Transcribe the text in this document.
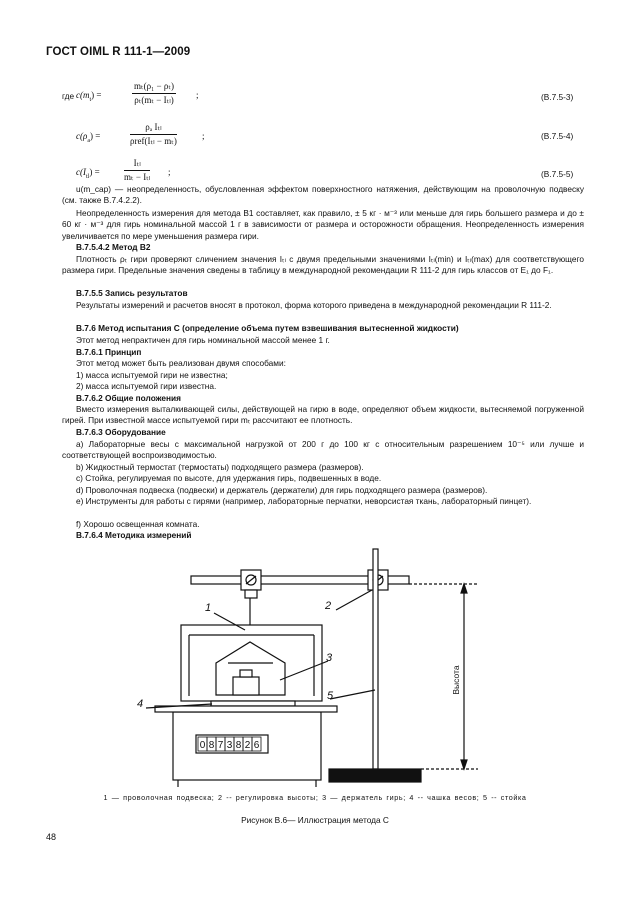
ГОСТ OIML R 111-1—2009
где $c(m_t)$ =
mₜ(ρ₁ − ρₜ)
ρₜ(mₜ − Iₜₗ) ;	(B.7.5-3)
$c(\rho_a)$ =
ρₐ Iₜₗ
ρref(Iₜₗ − mₜ)	;	(B.7.5-4)
$c(I_{tl})$ =
Iₜₗ
mₜ − Iₜₗ ;	(B.7.5-5)
u(m_cap) — неопределенность, обусловленная эффектом поверхностного натяжения, действующим на проволочную подвеску (см. также В.7.4.2.2).
Неопределенность измерения для метода В1 составляет, как правило, ± 5 кг · м⁻³ или меньше для гирь большего размера и до ± 60 кг · м⁻³ для гирь номинальной массой 1 г в зависимости от размера и осторожности обращения. Неопределенность измерения увеличивается по мере уменьшения размера гири.
В.7.5.4.2 Метод В2
Плотность ρₜ гири проверяют сличением значения Iₜₗ с двумя предельными значениями Iₜₗ(min) и Iₜₗ(max) для соответствующего размера гири. Предельные значения сведены в таблицу в международной рекомендации R 111-2 для гирь классов от E₁ до F₁.
В.7.5.5 Запись результатов
Результаты измерений и расчетов вносят в протокол, форма которого приведена в международной рекомендации R 111-2.
В.7.6 Метод испытания С (определение объема путем взвешивания вытесненной жидкости)
Этот метод непрактичен для гирь номинальной массой менее 1 г.
В.7.6.1 Принцип
Этот метод может быть реализован двумя способами:
1) масса испытуемой гири не известна;
2) масса испытуемой гири известна.
В.7.6.2 Общие положения
Вместо измерения выталкивающей силы, действующей на гирю в воде, определяют объем жидкости, вытесняемой погруженной гирей. При известной массе испытуемой гири mₜ рассчитают ее плотность.
В.7.6.3 Оборудование
a) Лабораторные весы с максимальной нагрузкой от 200 г до 100 кг с относительным разрешением 10⁻⁵ или лучше и соответствующей воспроизводимостью.
b) Жидкостный термостат (термостаты) подходящего размера (размеров).
c) Стойка, регулируемая по высоте, для удержания гирь, подвешенных в воде.
d) Проволочная подвеска (подвески) и держатель (держатели) для гирь подходящего размера (размеров).
e) Инструменты для работы с гирями (например, лабораторные перчатки, неворсистая ткань, лабораторный пинцет).
f) Хорошо освещенная комната.
В.7.6.4 Методика измерений
0 8 7 3 8 2 6
1	2
3
4
5
Высота
1 — проволочная подвеска; 2 -- регулировка высоты; 3 — держатель гирь; 4 -- чашка весов; 5 -- стойка
Рисунок В.6— Иллюстрация метода С
48
